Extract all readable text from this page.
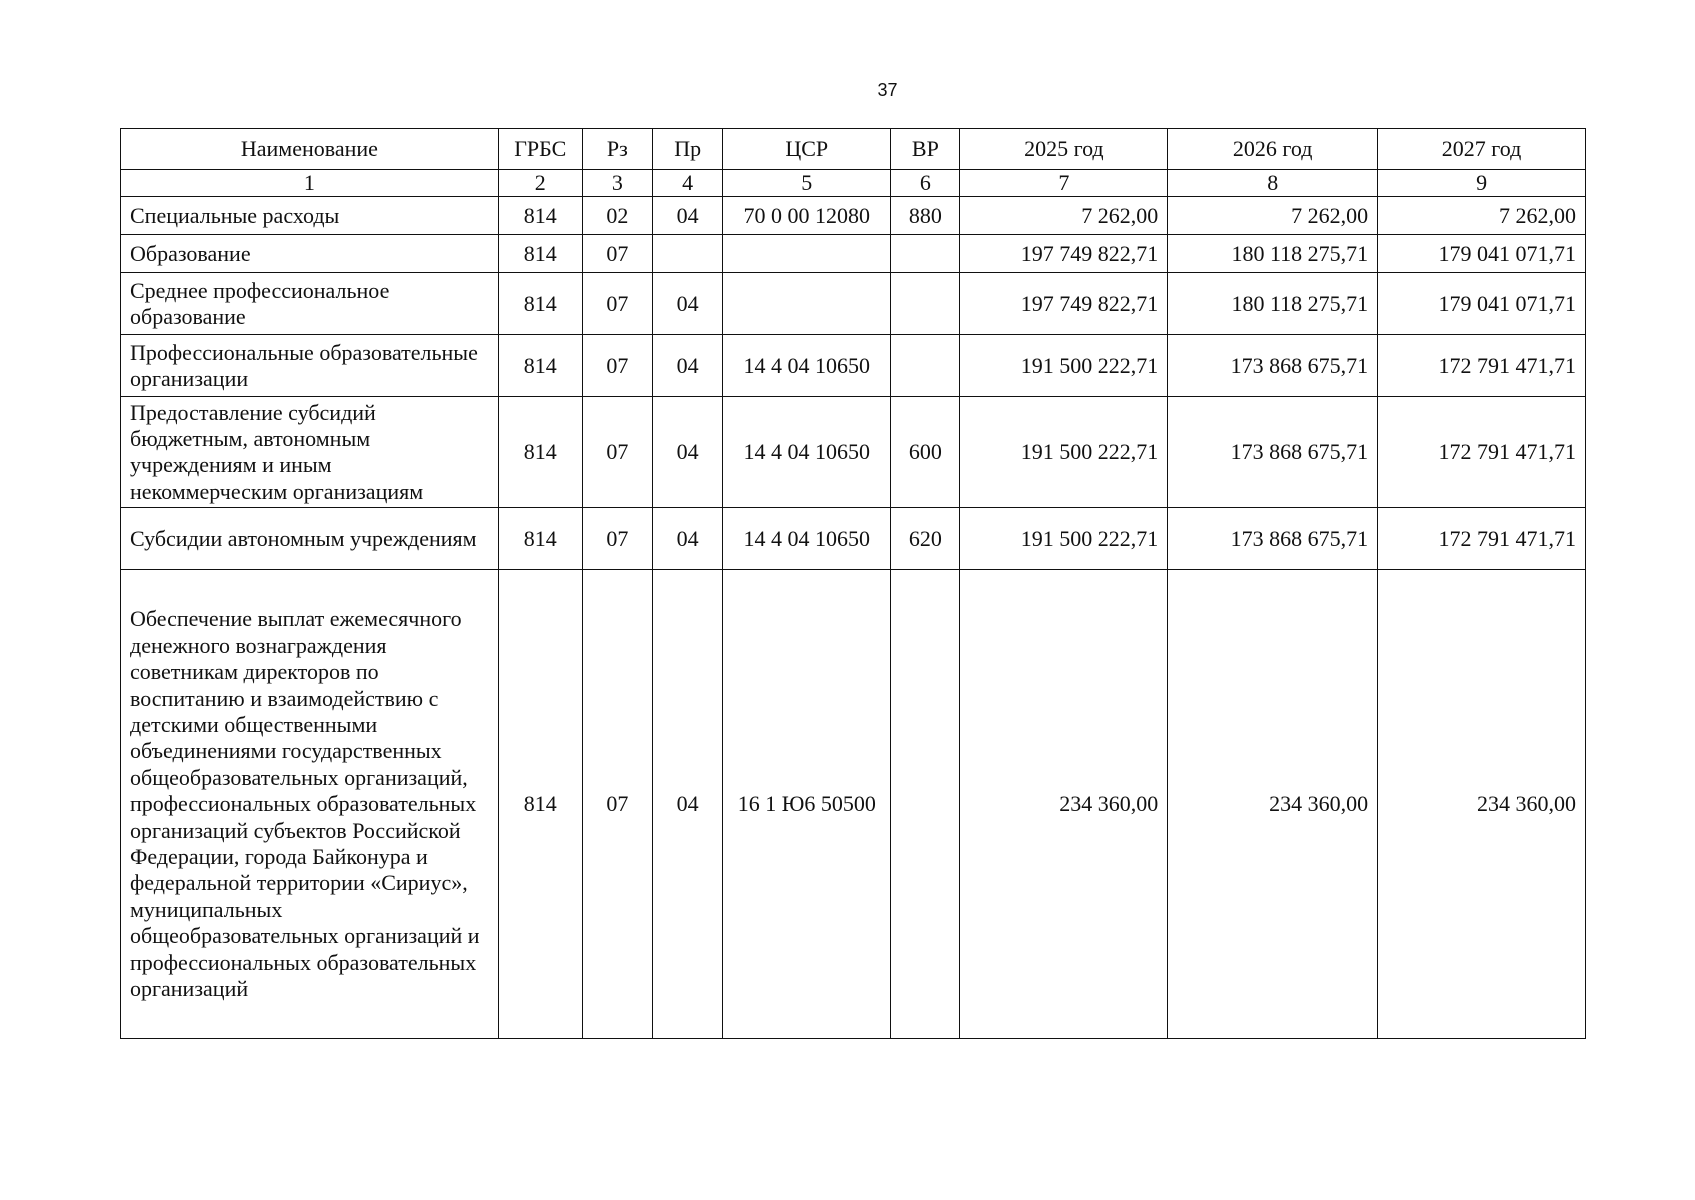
37
Наименование	ГРБС	Рз	Пр	ЦСР	ВР	2025 год	2026 год	2027 год
1	2	3	4	5	6	7	8	9
Специальные расходы	814	02	04	70 0 00 12080	880	7 262,00	7 262,00	7 262,00
Образование	814	07				197 749 822,71	180 118 275,71	179 041 071,71
Среднее профессиональное образование	814	07	04			197 749 822,71	180 118 275,71	179 041 071,71
Профессиональные образовательные организации	814	07	04	14 4 04 10650		191 500 222,71	173 868 675,71	172 791 471,71
Предоставление субсидий бюджетным, автономным учреждениям и иным некоммерческим организациям	814	07	04	14 4 04 10650	600	191 500 222,71	173 868 675,71	172 791 471,71
Субсидии автономным учреждениям	814	07	04	14 4 04 10650	620	191 500 222,71	173 868 675,71	172 791 471,71
Обеспечение выплат ежемесячного денежного вознаграждения советникам директоров по воспитанию и взаимодействию с детскими общественными объединениями государственных общеобразовательных организаций, профессиональных образовательных организаций субъектов Российской Федерации, города Байконура и федеральной территории «Сириус», муниципальных общеобразовательных организаций и профессиональных образовательных организаций	814	07	04	16 1 Ю6 50500		234 360,00	234 360,00	234 360,00
